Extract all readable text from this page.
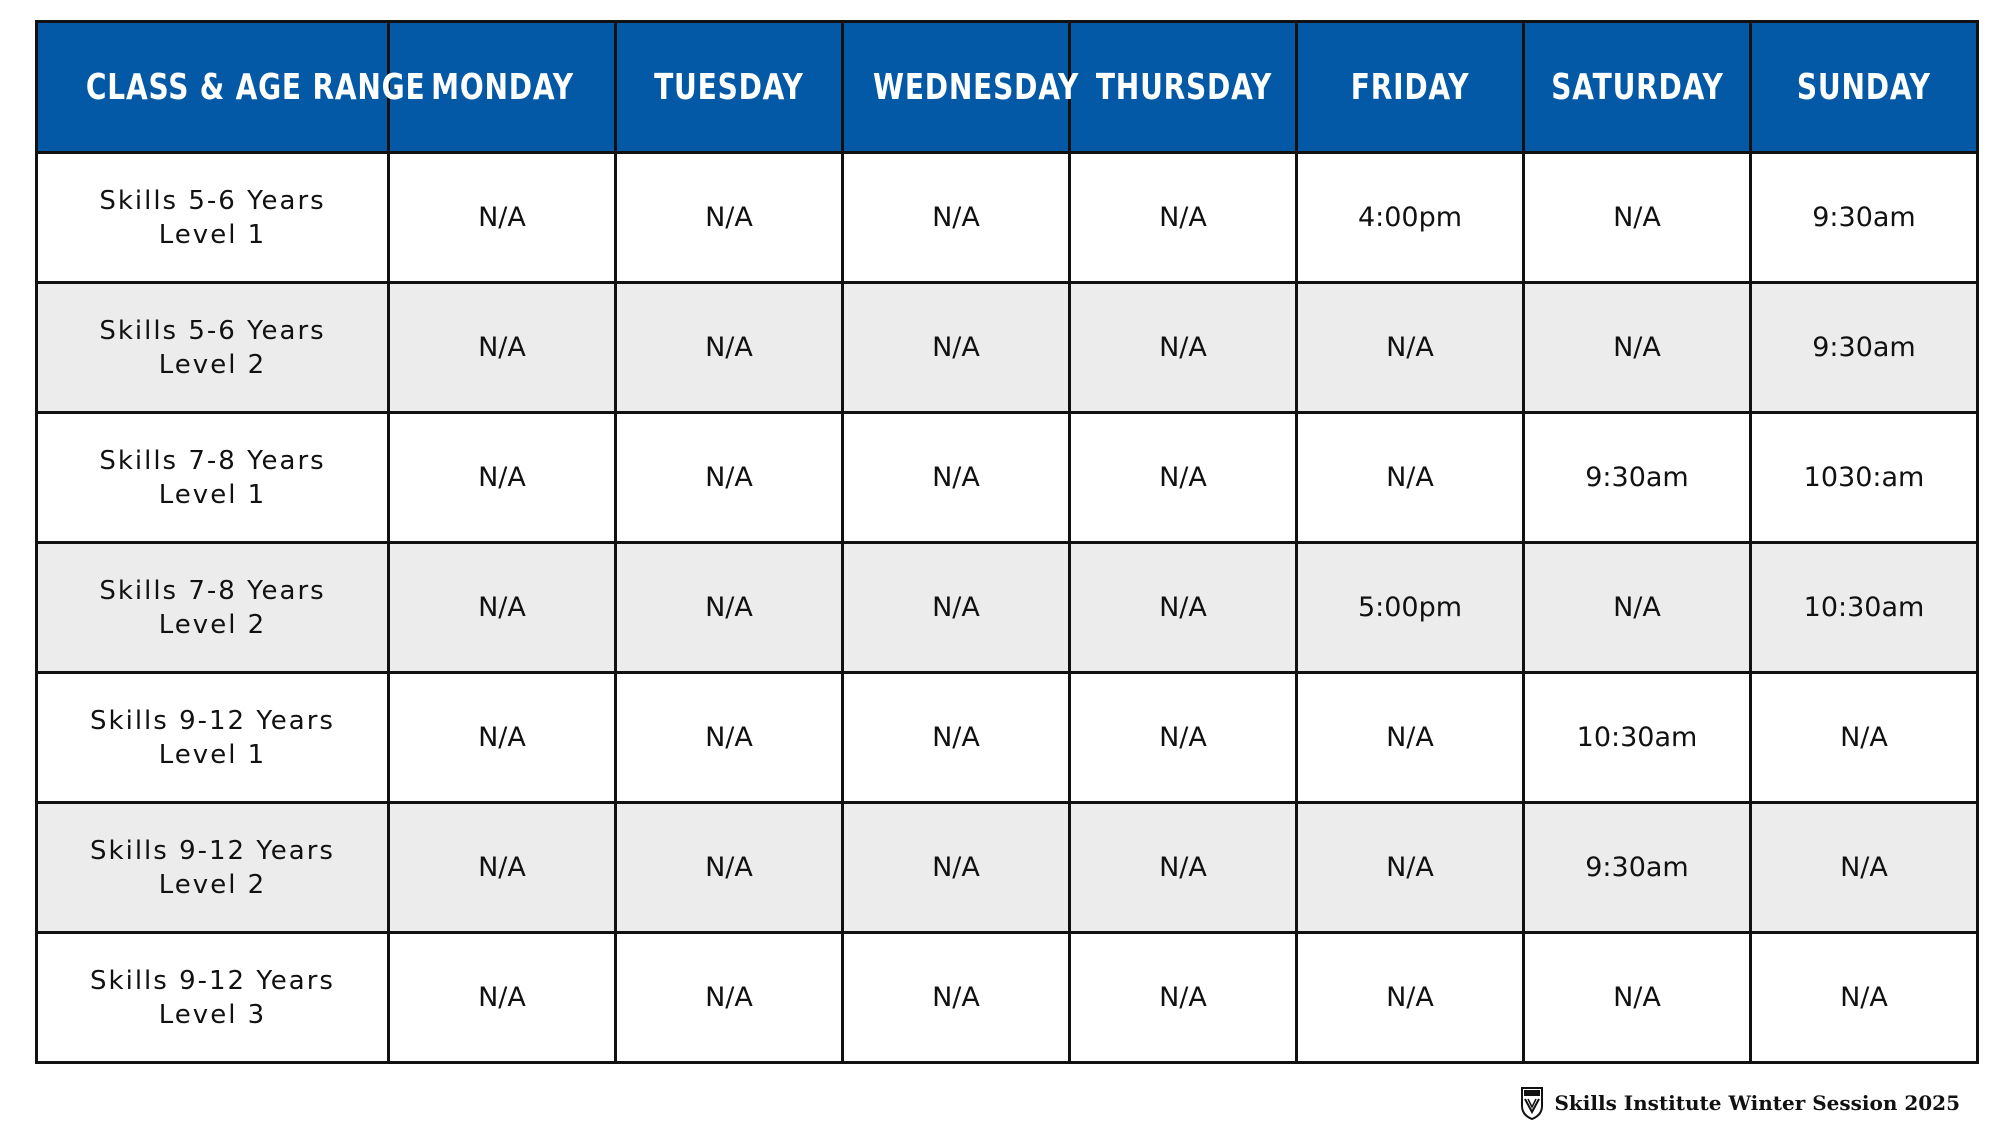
CLASS & AGE RANGE	MONDAY	TUESDAY	WEDNESDAY	THURSDAY	FRIDAY	SATURDAY	SUNDAY

Skills 5-6 Years
Level 1	N/A	N/A	N/A	N/A	4:00pm	N/A	9:30am

Skills 5-6 Years
Level 2	N/A	N/A	N/A	N/A	N/A	N/A	9:30am

Skills 7-8 Years
Level 1	N/A	N/A	N/A	N/A	N/A	9:30am	1030:am

Skills 7-8 Years
Level 2	N/A	N/A	N/A	N/A	5:00pm	N/A	10:30am

Skills 9-12 Years
Level 1	N/A	N/A	N/A	N/A	N/A	10:30am	N/A

Skills 9-12 Years
Level 2	N/A	N/A	N/A	N/A	N/A	9:30am	N/A

Skills 9-12 Years
Level 3	N/A	N/A	N/A	N/A	N/A	N/A	N/A
Skills Institute Winter Session 2025
